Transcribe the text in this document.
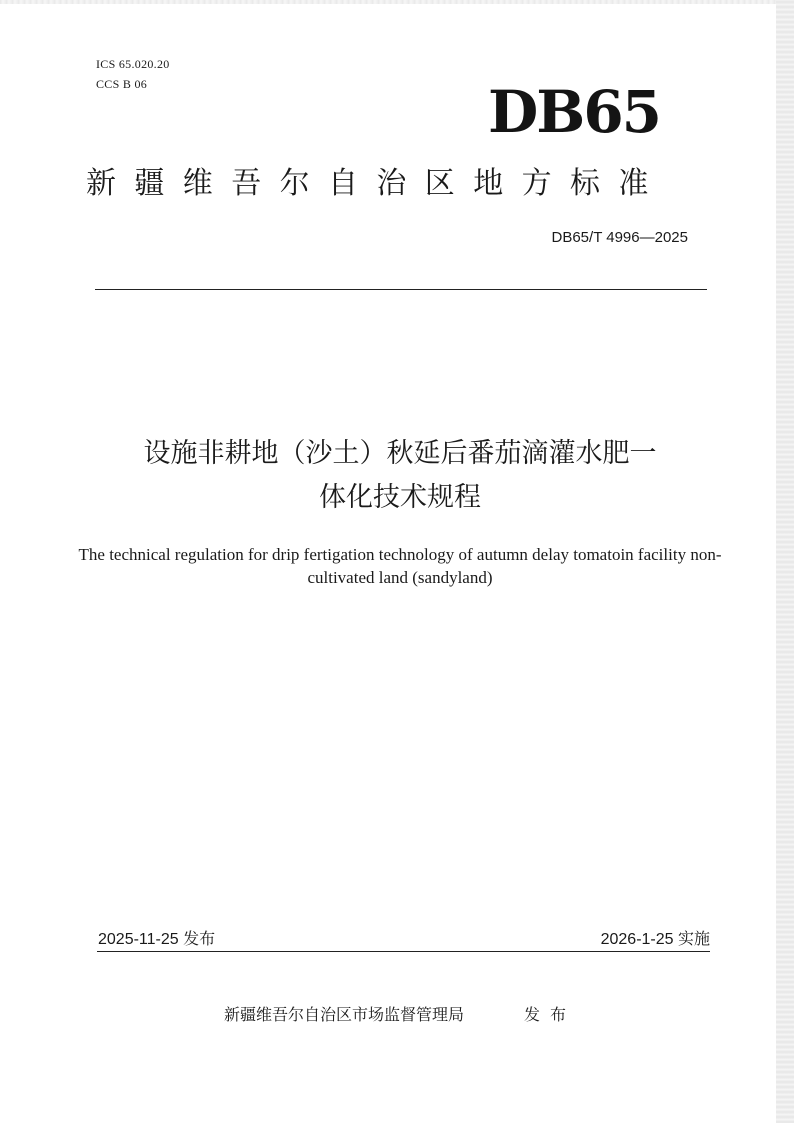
ICS 65.020.20
CCS B 06	DB65
新疆维吾尔自治区地方标准
DB65/T 4996—2025
设施非耕地（沙土）秋延后番茄滴灌水肥一
体化技术规程
The technical regulation for drip fertigation technology of autumn delay tomatoin facility non-cultivated land (sandyland)
2025-11-25 发布	2026-1-25 实施
新疆维吾尔自治区市场监督管理局	发布
